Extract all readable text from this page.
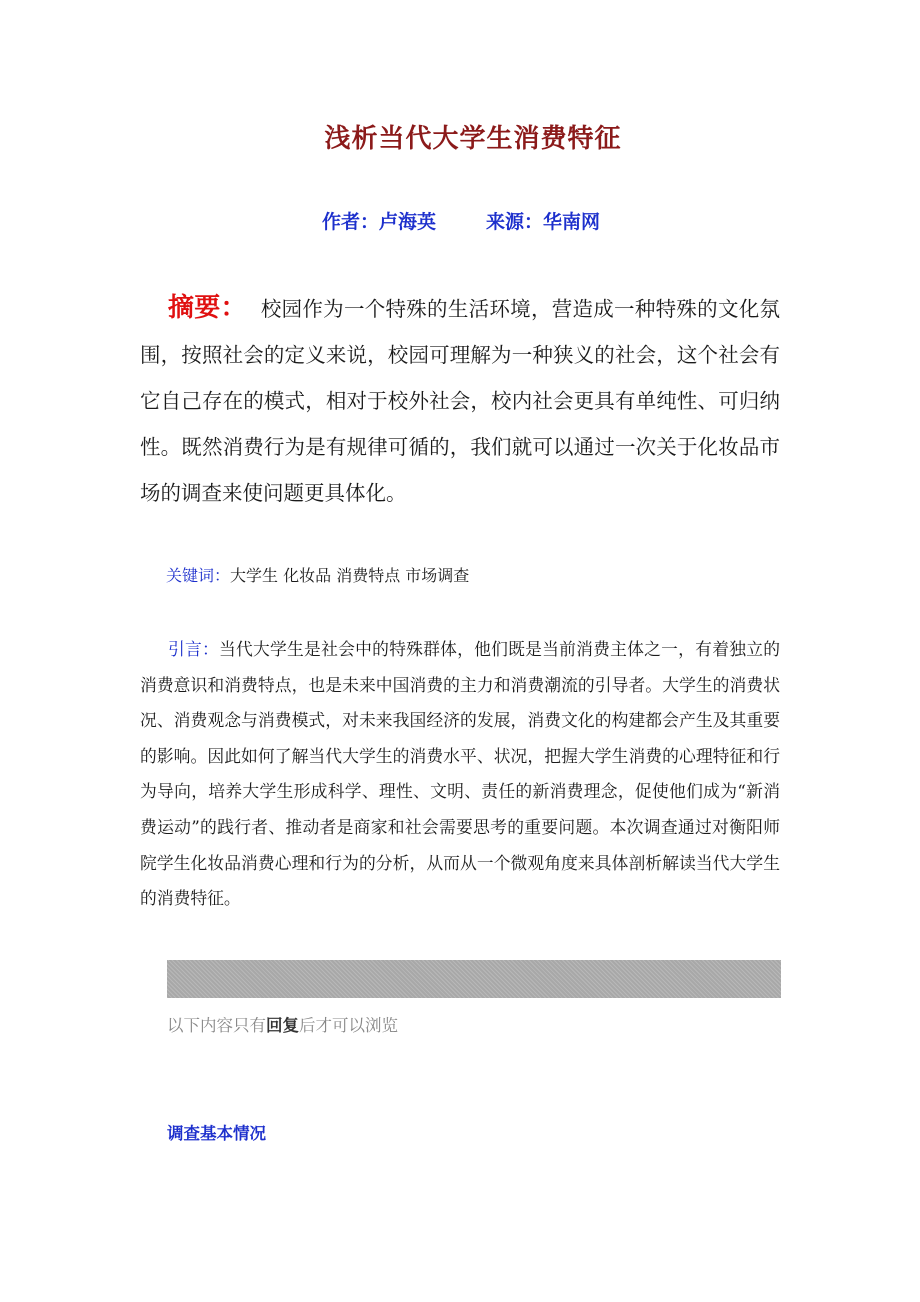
浅析当代大学生消费特征
作者：卢海英	来源：华南网
摘要： 校园作为一个特殊的生活环境，营造成一种特殊的文化氛围，按照社会的定义来说，校园可理解为一种狭义的社会，这个社会有它自己存在的模式，相对于校外社会，校内社会更具有单纯性、可归纳性。既然消费行为是有规律可循的，我们就可以通过一次关于化妆品市场的调查来使问题更具体化。
关键词：大学生 化妆品 消费特点 市场调查
引言：当代大学生是社会中的特殊群体，他们既是当前消费主体之一，有着独立的消费意识和消费特点，也是未来中国消费的主力和消费潮流的引导者。大学生的消费状况、消费观念与消费模式，对未来我国经济的发展，消费文化的构建都会产生及其重要的影响。因此如何了解当代大学生的消费水平、状况，把握大学生消费的心理特征和行为导向，培养大学生形成科学、理性、文明、责任的新消费理念，促使他们成为“新消费运动”的践行者、推动者是商家和社会需要思考的重要问题。本次调查通过对衡阳师院学生化妆品消费心理和行为的分析，从而从一个微观角度来具体剖析解读当代大学生的消费特征。
以下内容只有回复后才可以浏览
调查基本情况
